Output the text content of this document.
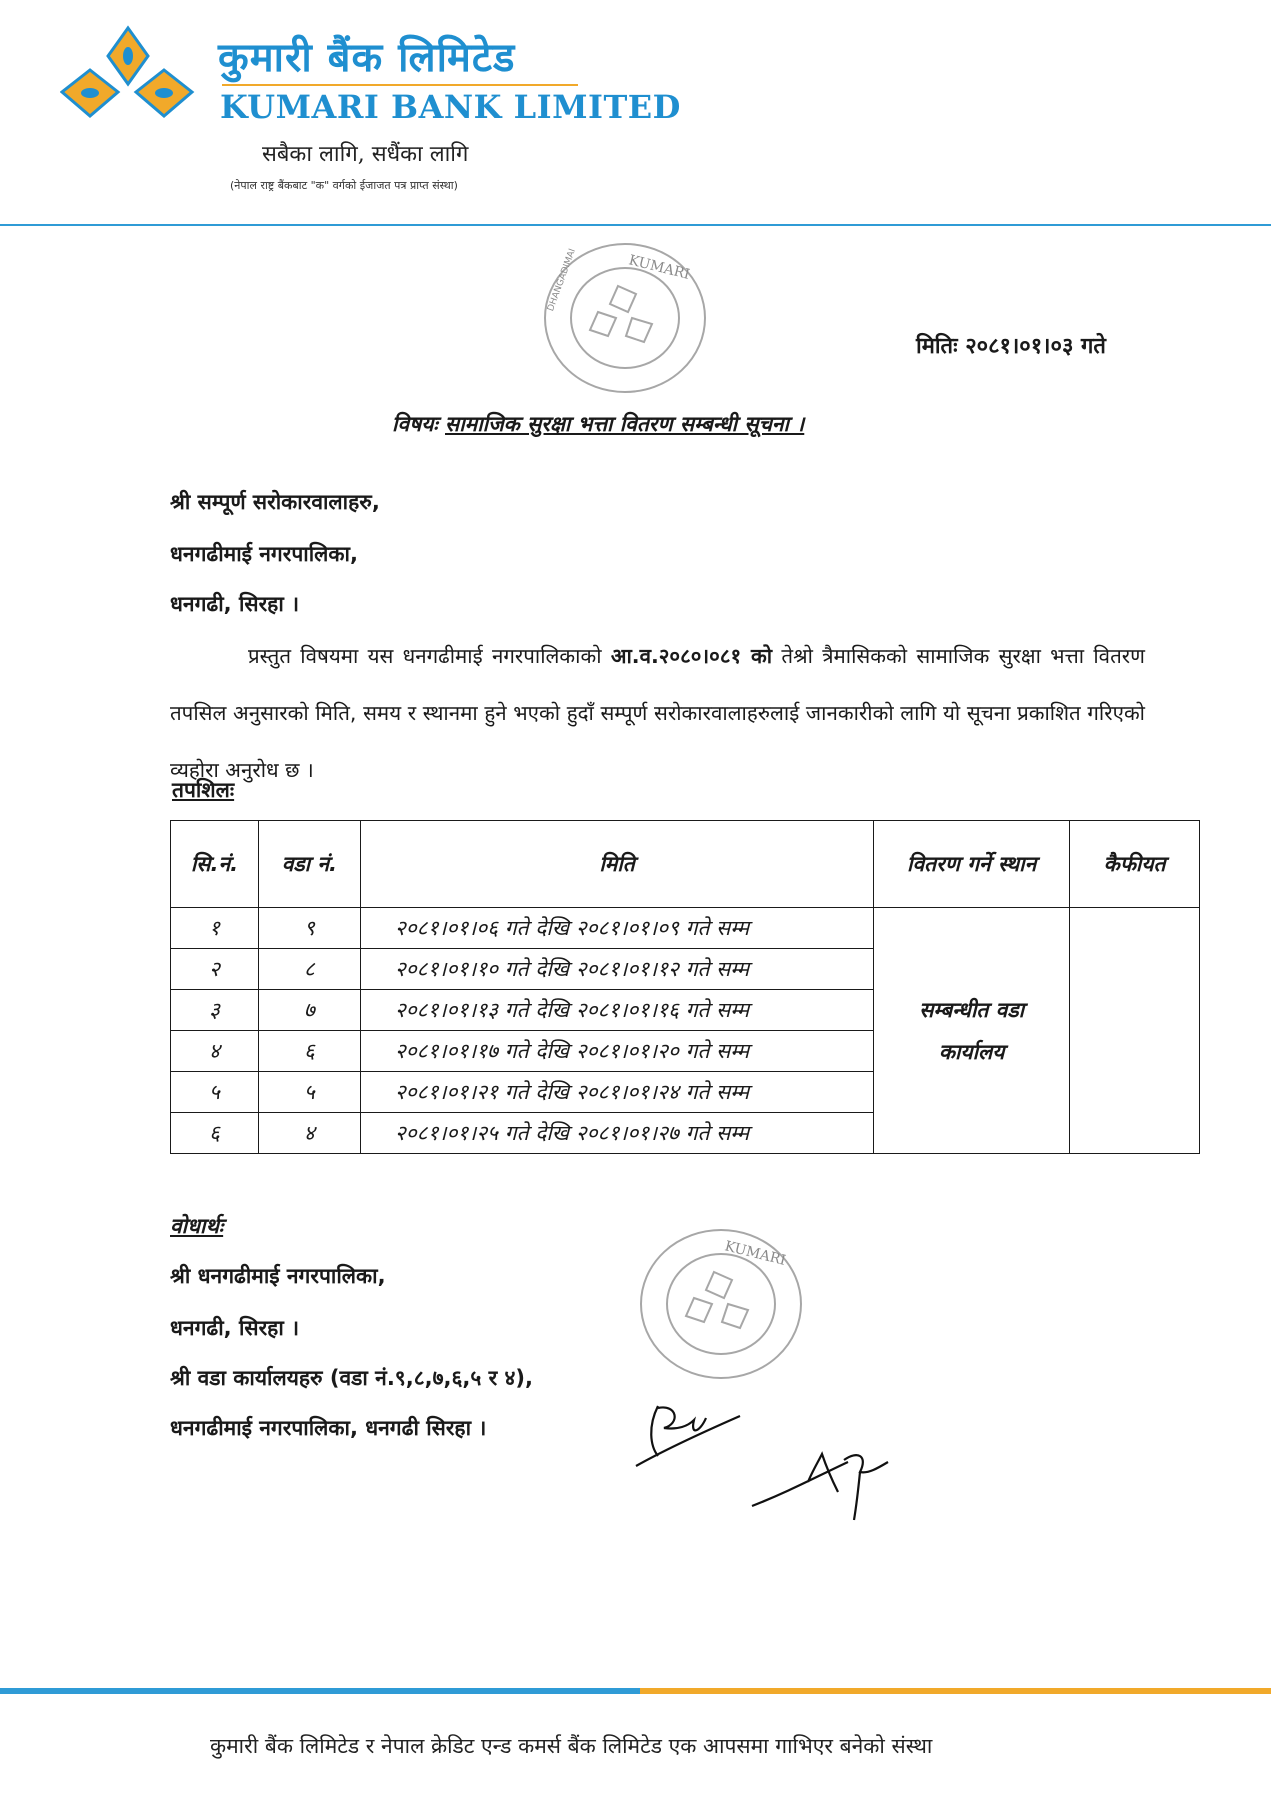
कुमारी बैंक लिमिटेड
KUMARI BANK LIMITED
सबैका लागि, सधैंका लागि
(नेपाल राष्ट्र बैंकबाट "क" वर्गको ईजाजत पत्र प्राप्त संस्था)
KUMARI
DHANGADIMAI
मितिः २०८१।०१।०३ गते
विषयः सामाजिक सुरक्षा भत्ता वितरण सम्बन्धी सूचना ।
श्री सम्पूर्ण सरोकारवालाहरु,
धनगढीमाई नगरपालिका,
धनगढी, सिरहा ।
प्रस्तुत विषयमा यस धनगढीमाई नगरपालिकाको आ.व.२०८०।०८१ को तेश्रो त्रैमासिकको सामाजिक सुरक्षा भत्ता वितरण तपसिल अनुसारको मिति, समय र स्थानमा हुने भएको हुदाँ सम्पूर्ण सरोकारवालाहरुलाई जानकारीको लागि यो सूचना प्रकाशित गरिएको व्यहोरा अनुरोध छ ।
तपशिलः
सि.नं.	वडा नं.	मिति	वितरण गर्ने स्थान	कैफीयत
१	९	२०८१।०१।०६ गते देखि २०८१।०१।०९ गते सम्म	सम्बन्धीत वडा कार्यालय	
२	८	२०८१।०१।१० गते देखि २०८१।०१।१२ गते सम्म		
३	७	२०८१।०१।१३ गते देखि २०८१।०१।१६ गते सम्म		
४	६	२०८१।०१।१७ गते देखि २०८१।०१।२० गते सम्म		
५	५	२०८१।०१।२१ गते देखि २०८१।०१।२४ गते सम्म		
६	४	२०८१।०१।२५ गते देखि २०८१।०१।२७ गते सम्म		
वोधार्थः
श्री धनगढीमाई नगरपालिका,
धनगढी, सिरहा ।
श्री वडा कार्यालयहरु (वडा नं.९,८,७,६,५ र ४),
धनगढीमाई नगरपालिका, धनगढी सिरहा ।
KUMARI
कुमारी बैंक लिमिटेड र नेपाल क्रेडिट एन्ड कमर्स बैंक लिमिटेड एक आपसमा गाभिएर बनेको संस्था
